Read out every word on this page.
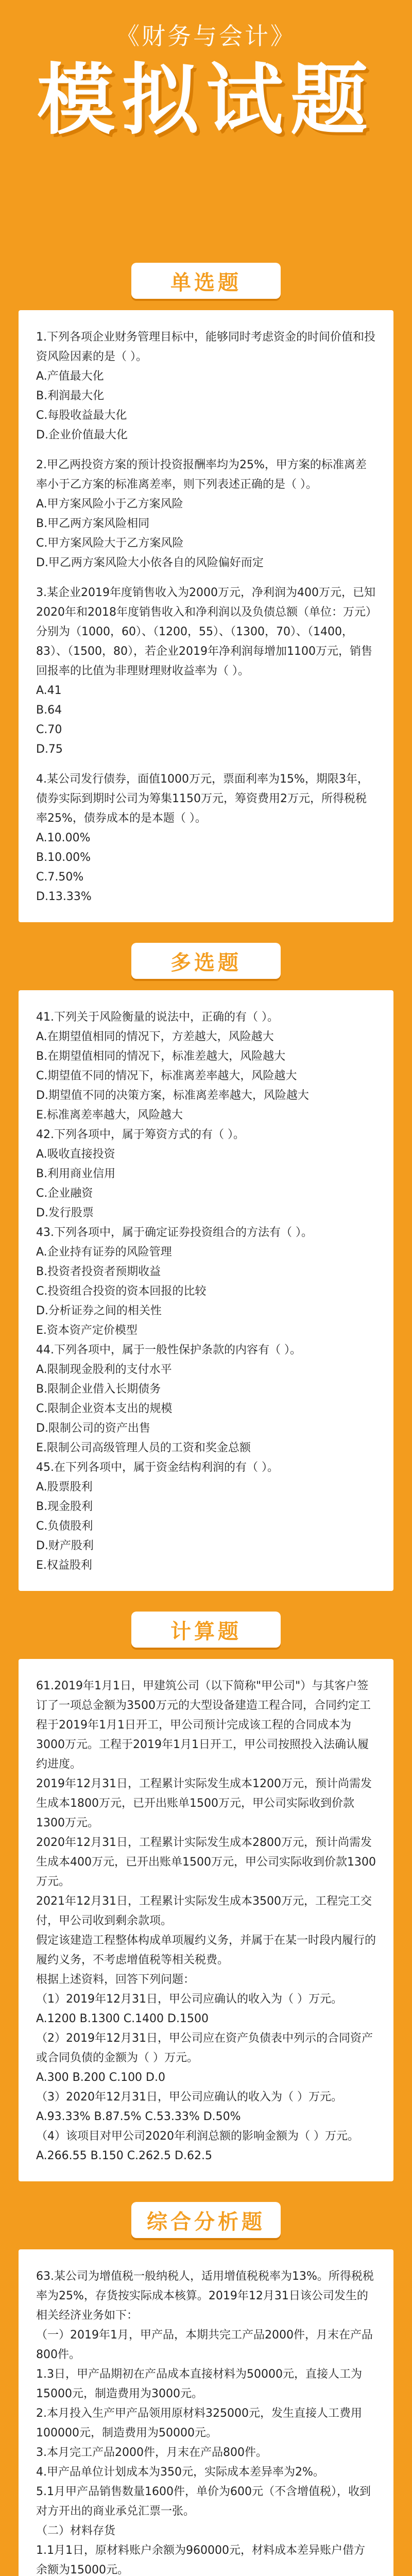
《财务与会计》
模拟试题
单选题

1.下列各项企业财务管理目标中，能够同时考虑资金的时间价值和投资风险因素的是（ ）。

A.产值最大化

B.利润最大化

C.每股收益最大化

D.企业价值最大化

2.甲乙两投资方案的预计投资报酬率均为25%，甲方案的标准离差率小于乙方案的标准离差率，则下列表述正确的是（ ）。

A.甲方案风险小于乙方案风险

B.甲乙两方案风险相同

C.甲方案风险大于乙方案风险

D.甲乙两方案风险大小依各自的风险偏好而定

3.某企业2019年度销售收入为2000万元，净利润为400万元，已知2020年和2018年度销售收入和净利润以及负债总额（单位：万元）分别为（1000，60）、（1200，55）、（1300，70）、（1400，83）、（1500，80），若企业2019年净利润每增加1100万元，销售回报率的比值为非理财理财收益率为（ ）。

A.41

B.64

C.70

D.75

4.某公司发行债券，面值1000万元，票面利率为15%，期限3年，债券实际到期时公司为筹集1150万元，筹资费用2万元，所得税税率25%，债券成本的是本题（ ）。

A.10.00%

B.10.00%

C.7.50%

D.13.33%

多选题

41.下列关于风险衡量的说法中，正确的有（ ）。

A.在期望值相同的情况下，方差越大，风险越大

B.在期望值相同的情况下，标准差越大，风险越大

C.期望值不同的情况下，标准离差率越大，风险越大

D.期望值不同的决策方案，标准离差率越大，风险越大

E.标准离差率越大，风险越大

42.下列各项中，属于筹资方式的有（ ）。

A.吸收直接投资

B.利用商业信用

C.企业融资

D.发行股票

43.下列各项中，属于确定证券投资组合的方法有（ ）。

A.企业持有证券的风险管理

B.投资者投资者预期收益

C.投资组合投资的资本回报的比较

D.分析证券之间的相关性

E.资本资产定价模型

44.下列各项中，属于一般性保护条款的内容有（ ）。

A.限制现金股利的支付水平

B.限制企业借入长期债务

C.限制企业资本支出的规模

D.限制公司的资产出售

E.限制公司高级管理人员的工资和奖金总额

45.在下列各项中，属于资金结构利润的有（ ）。

A.股票股利

B.现金股利

C.负债股利

D.财产股利

E.权益股利

计算题

61.2019年1月1日，甲建筑公司（以下简称"甲公司"）与其客户签订了一项总金额为3500万元的大型设备建造工程合同，合同约定工程于2019年1月1日开工，甲公司预计完成该工程的合同成本为3000万元。工程于2019年1月1日开工，甲公司按照投入法确认履约进度。

2019年12月31日，工程累计实际发生成本1200万元，预计尚需发生成本1800万元，已开出账单1500万元，甲公司实际收到价款1300万元。

2020年12月31日，工程累计实际发生成本2800万元，预计尚需发生成本400万元，已开出账单1500万元，甲公司实际收到价款1300万元。

2021年12月31日，工程累计实际发生成本3500万元，工程完工交付，甲公司收到剩余款项。

假定该建造工程整体构成单项履约义务，并属于在某一时段内履行的履约义务，不考虑增值税等相关税费。

根据上述资料，回答下列问题：

（1）2019年12月31日，甲公司应确认的收入为（ ）万元。

A.1200 B.1300 C.1400 D.1500

（2）2019年12月31日，甲公司应在资产负债表中列示的合同资产或合同负债的金额为（ ）万元。

A.300 B.200 C.100 D.0

（3）2020年12月31日，甲公司应确认的收入为（ ）万元。

A.93.33% B.87.5% C.53.33% D.50%

（4）该项目对甲公司2020年利润总额的影响金额为（ ）万元。

A.266.55 B.150 C.262.5 D.62.5

综合分析题

63.某公司为增值税一般纳税人，适用增值税税率为13%。所得税税率为25%，存货按实际成本核算。2019年12月31日该公司发生的相关经济业务如下：

（一）2019年1月，甲产品，本期共完工产品2000件，月末在产品800件。

1.3日，甲产品期初在产品成本直接材料为50000元，直接人工为15000元，制造费用为3000元。

2.本月投入生产甲产品领用原材料325000元，发生直接人工费用100000元，制造费用为50000元。

3.本月完工产品2000件，月末在产品800件。

4.甲产品单位计划成本为350元，实际成本差异率为2%。

5.1月甲产品销售数量1600件，单价为600元（不含增值税），收到对方开出的商业承兑汇票一张。

（二）材料存货

1.1月1日，原材料账户余额为960000元，材料成本差异账户借方余额为15000元。
